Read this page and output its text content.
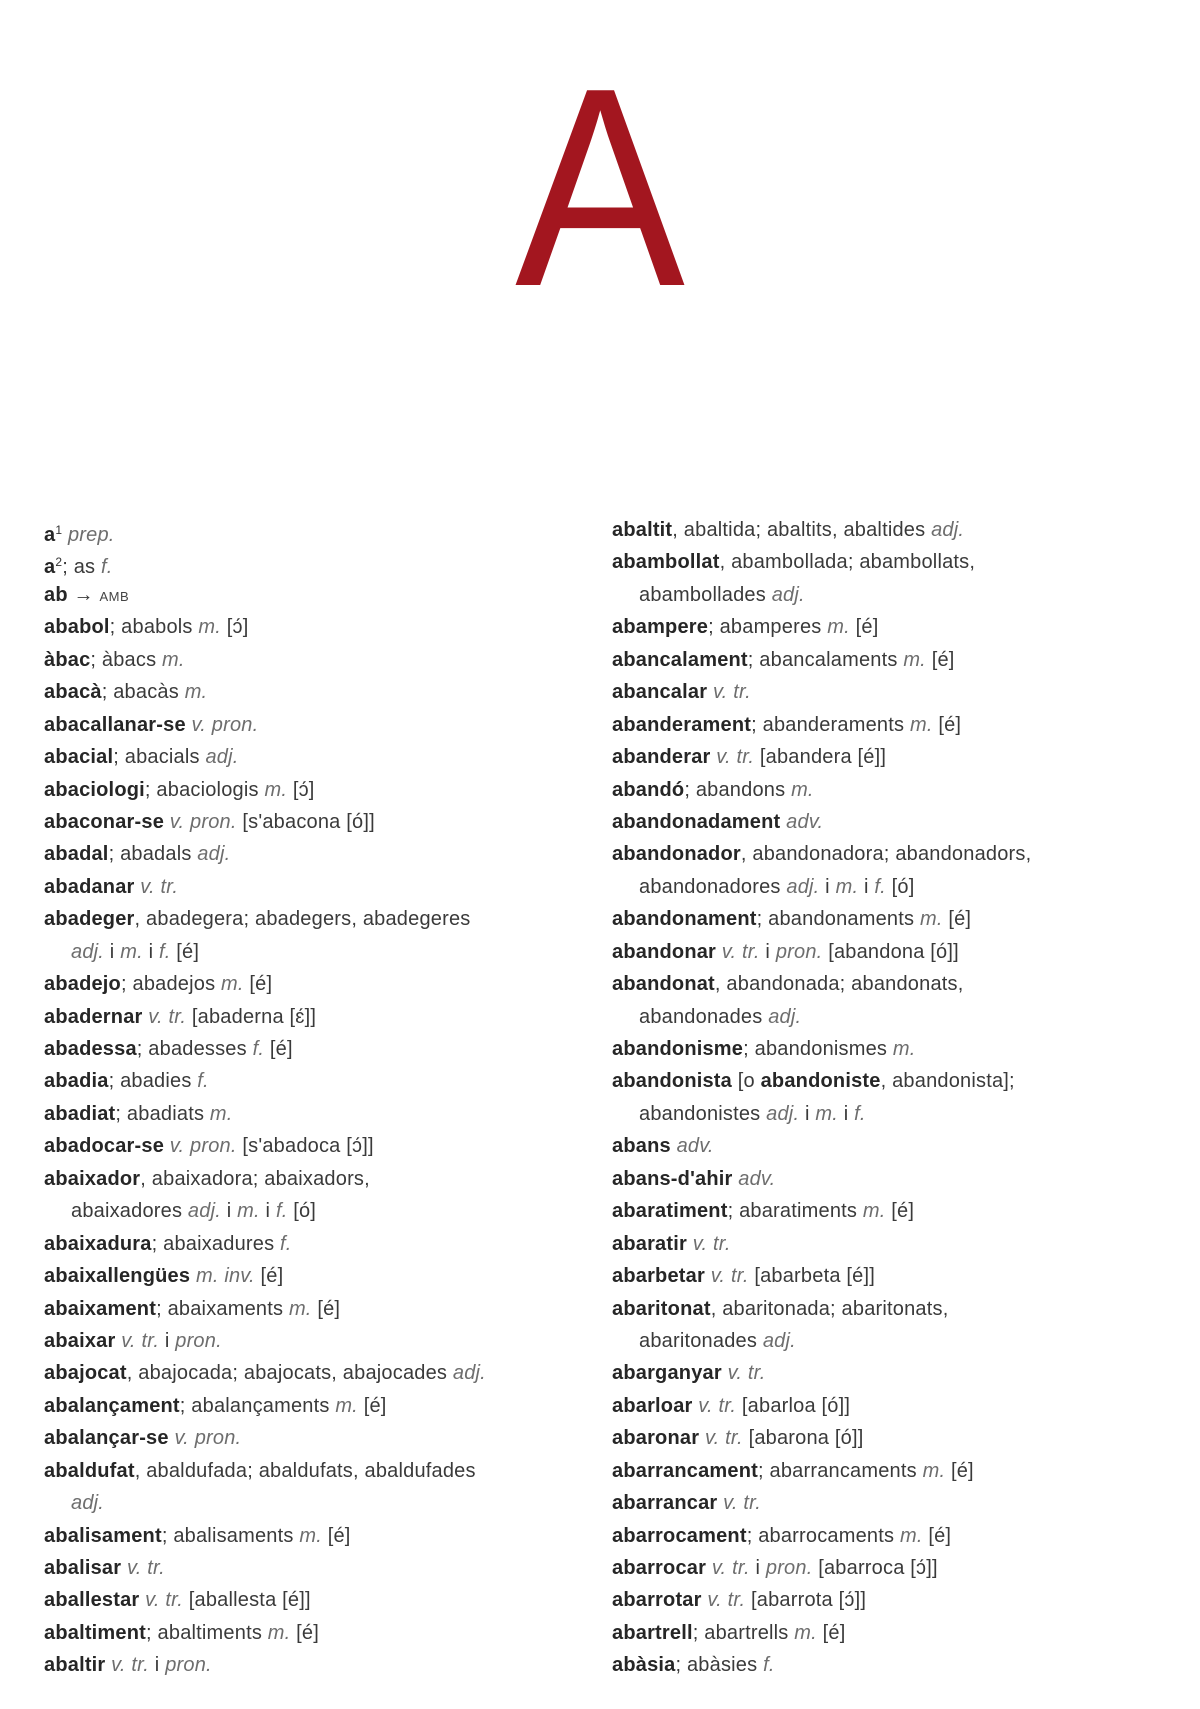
A
$a^1$ prep.
$a^2$; as f.
ab → AMB
ababol; ababols m. [ɔ́]
àbac; àbacs m.
abacà; abacàs m.
abacallanar-se v. pron.
abacial; abacials adj.
abaciologi; abaciologis m. [ɔ́]
abaconar-se v. pron. [s'abacona [ó]]
abadal; abadals adj.
abadanar v. tr.
abadeger, abadegera; abadegers, abadegeres
adj. i m. i f. [é]
abadejo; abadejos m. [é]
abadernar v. tr. [abaderna [ɛ́]]
abadessa; abadesses f. [é]
abadia; abadies f.
abadiat; abadiats m.
abadocar-se v. pron. [s'abadoca [ɔ́]]
abaixador, abaixadora; abaixadors,
abaixadores adj. i m. i f. [ó]
abaixadura; abaixadures f.
abaixallengües m. inv. [é]
abaixament; abaixaments m. [é]
abaixar v. tr. i pron.
abajocat, abajocada; abajocats, abajocades adj.
abalançament; abalançaments m. [é]
abalançar-se v. pron.
abaldufat, abaldufada; abaldufats, abaldufades
adj.
abalisament; abalisaments m. [é]
abalisar v. tr.
aballestar v. tr. [aballesta [é]]
abaltiment; abaltiments m. [é]
abaltir v. tr. i pron.
abaltit, abaltida; abaltits, abaltides adj.
abambollat, abambollada; abambollats,
abambollades adj.
abampere; abamperes m. [é]
abancalament; abancalaments m. [é]
abancalar v. tr.
abanderament; abanderaments m. [é]
abanderar v. tr. [abandera [é]]
abandó; abandons m.
abandonadament adv.
abandonador, abandonadora; abandonadors,
abandonadores adj. i m. i f. [ó]
abandonament; abandonaments m. [é]
abandonar v. tr. i pron. [abandona [ó]]
abandonat, abandonada; abandonats,
abandonades adj.
abandonisme; abandonismes m.
abandonista [o abandoniste, abandonista];
abandonistes adj. i m. i f.
abans adv.
abans-d'ahir adv.
abaratiment; abaratiments m. [é]
abaratir v. tr.
abarbetar v. tr. [abarbeta [é]]
abaritonat, abaritonada; abaritonats,
abaritonades adj.
abarganyar v. tr.
abarloar v. tr. [abarloa [ó]]
abaronar v. tr. [abarona [ó]]
abarrancament; abarrancaments m. [é]
abarrancar v. tr.
abarrocament; abarrocaments m. [é]
abarrocar v. tr. i pron. [abarroca [ɔ́]]
abarrotar v. tr. [abarrota [ɔ́]]
abartrell; abartrells m. [é]
abàsia; abàsies f.
